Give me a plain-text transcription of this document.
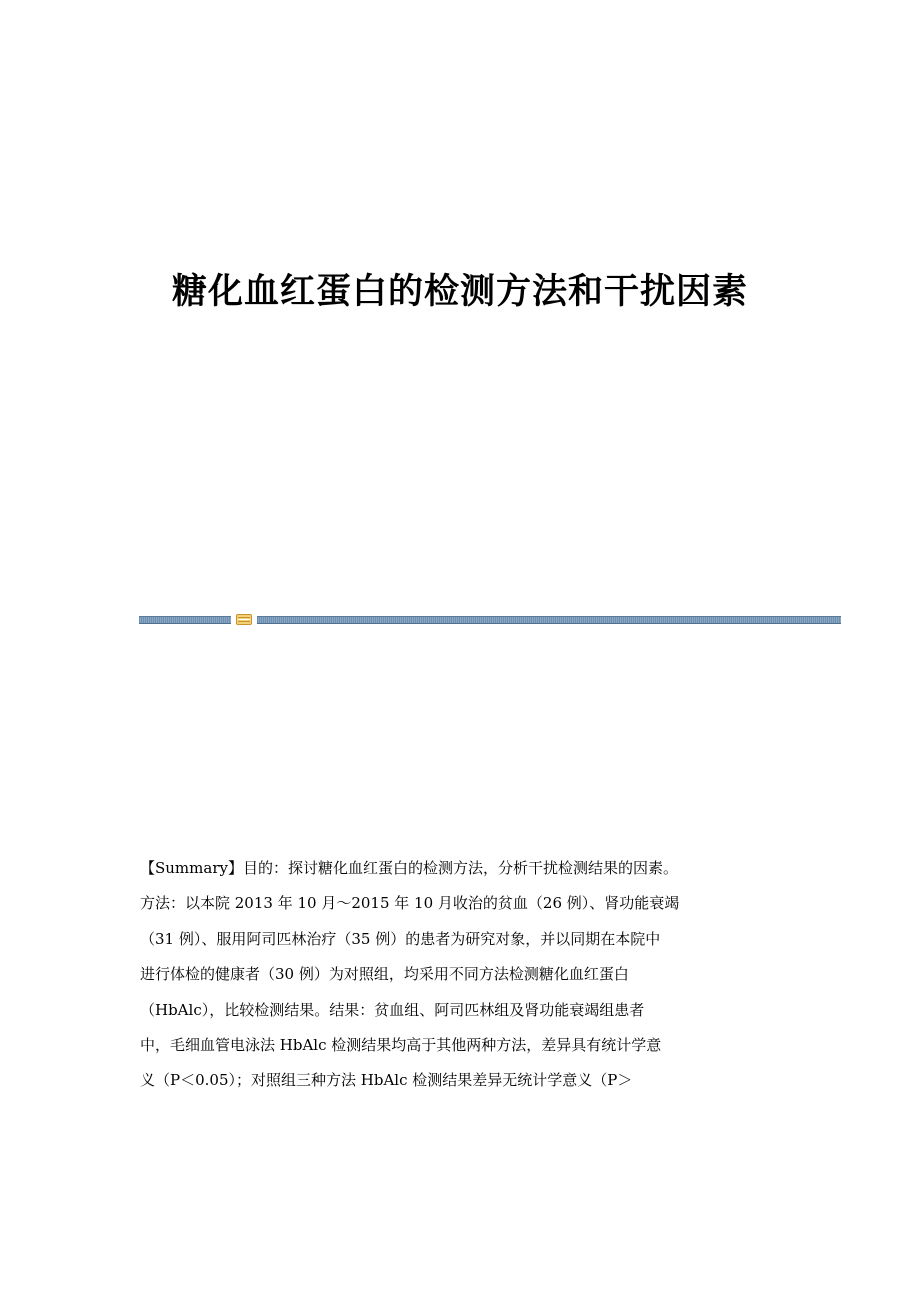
糖化血红蛋白的检测方法和干扰因素
【Summary】目的：探讨糖化血红蛋白的检测方法，分析干扰检测结果的因素。
方法：以本院 2013 年 10 月～2015 年 10 月收治的贫血（26 例）、肾功能衰竭
（31 例）、服用阿司匹林治疗（35 例）的患者为研究对象，并以同期在本院中
进行体检的健康者（30 例）为对照组，均采用不同方法检测糖化血红蛋白
（HbAlc），比较检测结果。结果：贫血组、阿司匹林组及肾功能衰竭组患者
中，毛细血管电泳法 HbAlc 检测结果均高于其他两种方法，差异具有统计学意
义（P＜0.05）；对照组三种方法 HbAlc 检测结果差异无统计学意义（P＞
